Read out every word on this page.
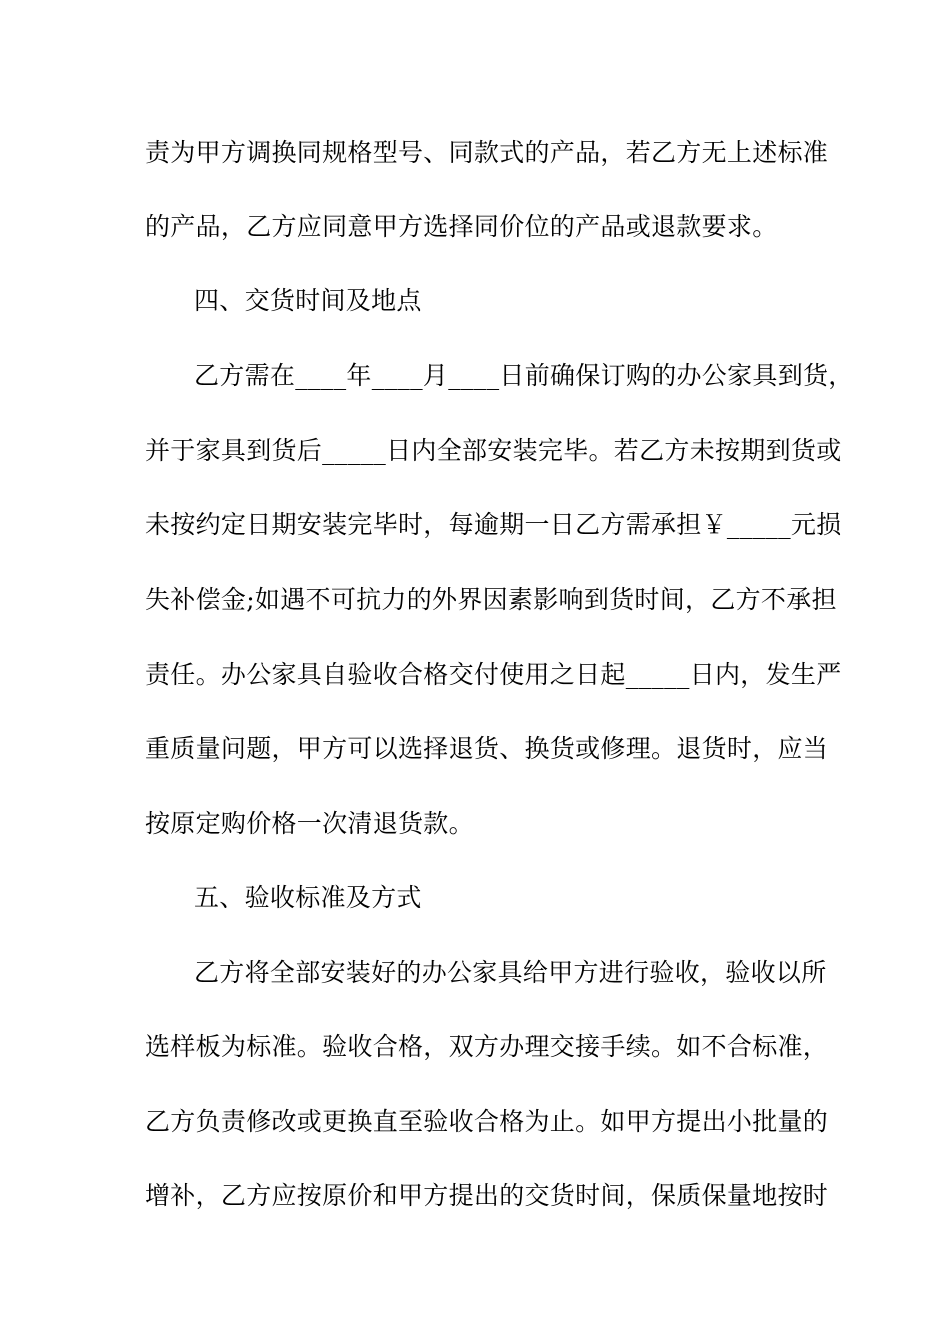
责为甲方调换同规格型号、同款式的产品，若乙方无上述标准
的产品，乙方应同意甲方选择同价位的产品或退款要求。
四、交货时间及地点
乙方需在____年____月____日前确保订购的办公家具到货，
并于家具到货后_____日内全部安装完毕。若乙方未按期到货或
未按约定日期安装完毕时，每逾期一日乙方需承担￥_____元损
失补偿金;如遇不可抗力的外界因素影响到货时间，乙方不承担
责任。办公家具自验收合格交付使用之日起_____日内，发生严
重质量问题，甲方可以选择退货、换货或修理。退货时，应当
按原定购价格一次清退货款。
五、验收标准及方式
乙方将全部安装好的办公家具给甲方进行验收，验收以所
选样板为标准。验收合格，双方办理交接手续。如不合标准，
乙方负责修改或更换直至验收合格为止。如甲方提出小批量的
增补，乙方应按原价和甲方提出的交货时间，保质保量地按时
